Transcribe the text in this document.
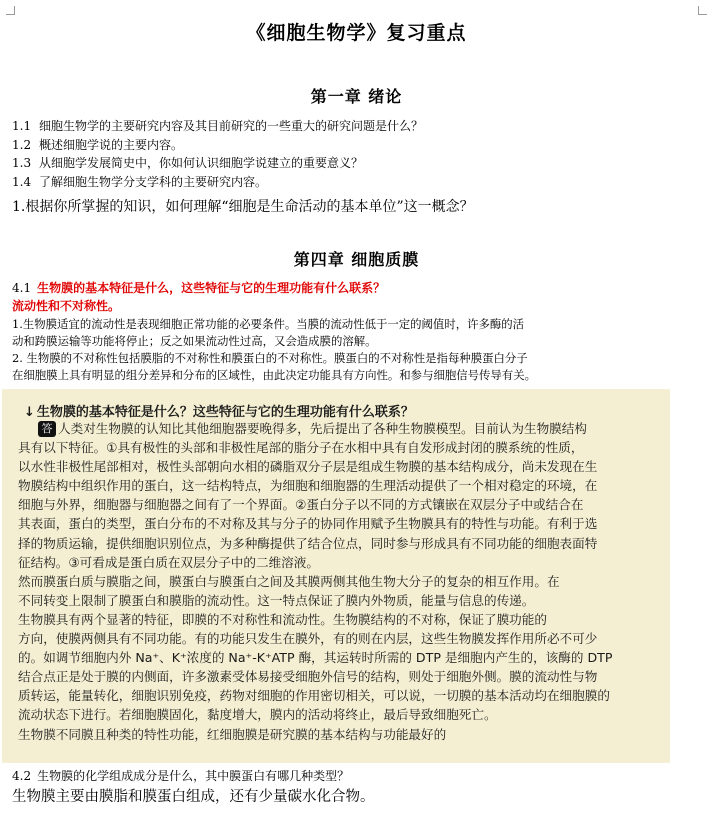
《细胞生物学》复习重点
第一章 绪论
1.1 细胞生物学的主要研究内容及其目前研究的一些重大的研究问题是什么？
1.2 概述细胞学说的主要内容。
1.3 从细胞学发展简史中，你如何认识细胞学说建立的重要意义？
1.4 了解细胞生物学分支学科的主要研究内容。
1.根据你所掌握的知识，如何理解“细胞是生命活动的基本单位”这一概念？
第四章 细胞质膜
4.1 生物膜的基本特征是什么，这些特征与它的生理功能有什么联系？
流动性和不对称性。
1.生物膜适宜的流动性是表现细胞正常功能的必要条件。当膜的流动性低于一定的阈值时，许多酶的活
动和跨膜运输等功能将停止；反之如果流动性过高，又会造成膜的溶解。
2. 生物膜的不对称性包括膜脂的不对称性和膜蛋白的不对称性。膜蛋白的不对称性是指每种膜蛋白分子
在细胞膜上具有明显的组分差异和分布的区域性，由此决定功能具有方向性。和参与细胞信号传导有关。
↓ 生物膜的基本特征是什么？这些特征与它的生理功能有什么联系？
答 人类对生物膜的认知比其他细胞器要晚得多，先后提出了各种生物膜模型。目前认为生物膜结构
具有以下特征。①具有极性的头部和非极性尾部的脂分子在水相中具有自发形成封闭的膜系统的性质，
以水性非极性尾部相对，极性头部朝向水相的磷脂双分子层是组成生物膜的基本结构成分，尚未发现在生
物膜结构中组织作用的蛋白，这一结构特点，为细胞和细胞器的生理活动提供了一个相对稳定的环境，在
细胞与外界，细胞器与细胞器之间有了一个界面。②蛋白分子以不同的方式镶嵌在双层分子中或结合在
其表面，蛋白的类型，蛋白分布的不对称及其与分子的协同作用赋予生物膜具有的特性与功能。有利于选
择的物质运输，提供细胞识别位点，为多种酶提供了结合位点，同时参与形成具有不同功能的细胞表面特
征结构。③可看成是蛋白质在双层分子中的二维溶液。
然而膜蛋白质与膜脂之间，膜蛋白与膜蛋白之间及其膜两侧其他生物大分子的复杂的相互作用。在
不同转变上限制了膜蛋白和膜脂的流动性。这一特点保证了膜内外物质，能量与信息的传递。
生物膜具有两个显著的特征，即膜的不对称性和流动性。生物膜结构的不对称，保证了膜功能的
方向，使膜两侧具有不同功能。有的功能只发生在膜外，有的则在内层，这些生物膜发挥作用所必不可少
的。如调节细胞内外 Na⁺、K⁺浓度的 Na⁺-K⁺ATP 酶，其运转时所需的 DTP 是细胞内产生的，该酶的 DTP
结合点正是处于膜的内侧面，许多激素受体易接受细胞外信号的结构，则处于细胞外侧。膜的流动性与物
质转运，能量转化，细胞识别免疫，药物对细胞的作用密切相关，可以说，一切膜的基本活动均在细胞膜的
流动状态下进行。若细胞膜固化，黏度增大，膜内的活动将终止，最后导致细胞死亡。
生物膜不同膜且种类的特性功能，红细胞膜是研究膜的基本结构与功能最好的
4.2 生物膜的化学组成成分是什么，其中膜蛋白有哪几种类型？
生物膜主要由膜脂和膜蛋白组成，还有少量碳水化合物。
